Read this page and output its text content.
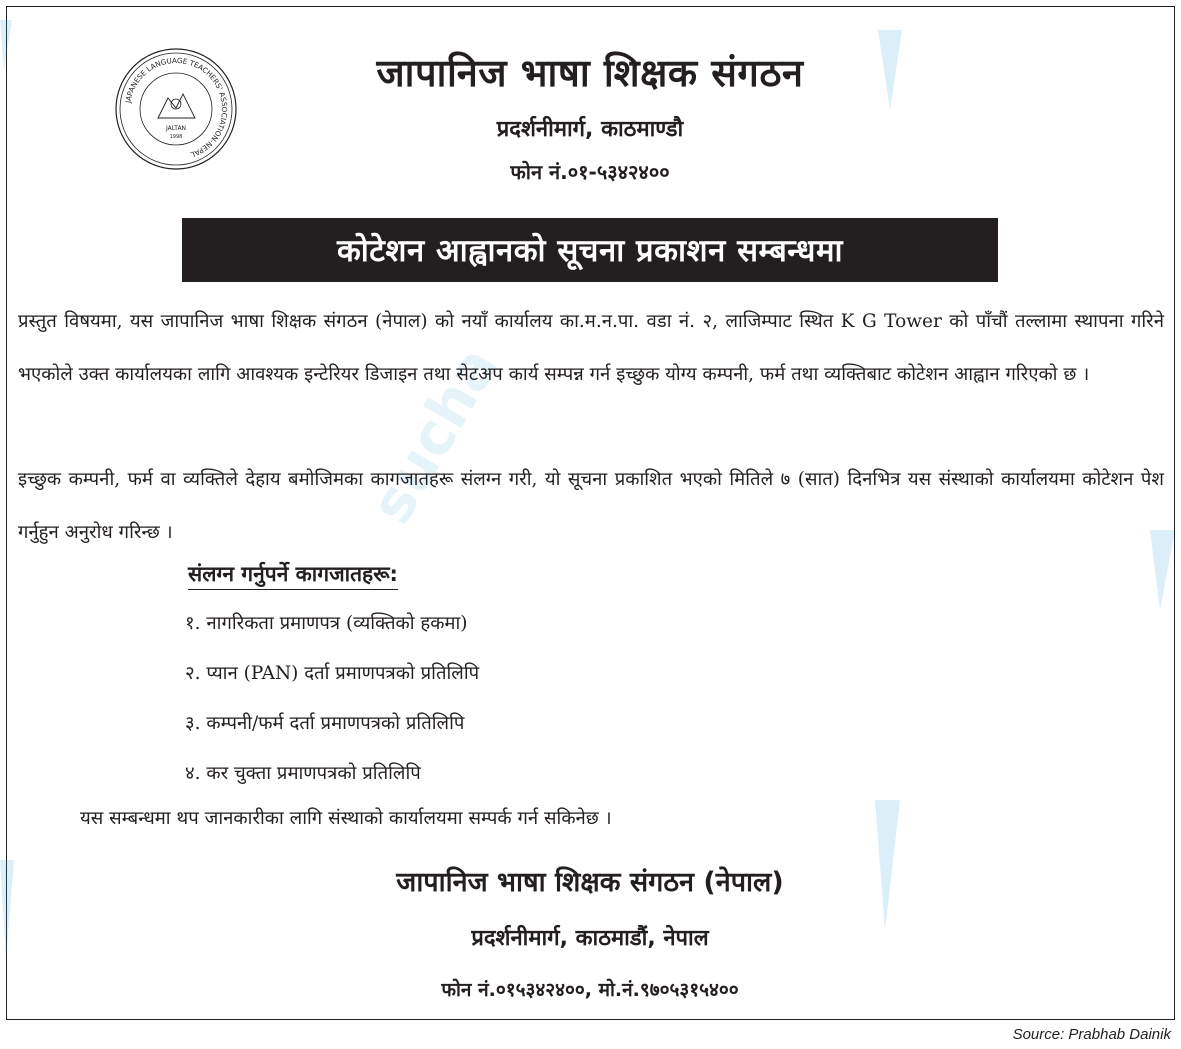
sucha
JAPANESE LANGUAGE TEACHERS' ASSOCIATION-NEPAL
JALTAN
1998
जापानिज भाषा शिक्षक संगठन
प्रदर्शनीमार्ग, काठमाण्डौ
फोन नं.०१-५३४२४००
कोटेशन आह्वानको सूचना प्रकाशन सम्बन्धमा

प्रस्तुत विषयमा, यस जापानिज भाषा शिक्षक संगठन (नेपाल) को नयाँ कार्यालय का.म.न.पा. वडा नं. २, लाजिम्पाट स्थित K G Tower को पाँचौं तल्लामा स्थापना गरिने भएकोले उक्त कार्यालयका लागि आवश्यक इन्टेरियर डिजाइन तथा सेटअप कार्य सम्पन्न गर्न इच्छुक योग्य कम्पनी, फर्म तथा व्यक्तिबाट कोटेशन आह्वान गरिएको छ ।

इच्छुक कम्पनी, फर्म वा व्यक्तिले देहाय बमोजिमका कागजातहरू संलग्न गरी, यो सूचना प्रकाशित भएको मितिले ७ (सात) दिनभित्र यस संस्थाको कार्यालयमा कोटेशन पेश गर्नुहुन अनुरोध गरिन्छ ।

संलग्न गर्नुपर्ने कागजातहरू:
१. नागरिकता प्रमाणपत्र (व्यक्तिको हकमा)
२. प्यान (PAN) दर्ता प्रमाणपत्रको प्रतिलिपि
३. कम्पनी/फर्म दर्ता प्रमाणपत्रको प्रतिलिपि
४. कर चुक्ता प्रमाणपत्रको प्रतिलिपि
यस सम्बन्धमा थप जानकारीका लागि संस्थाको कार्यालयमा सम्पर्क गर्न सकिनेछ ।
जापानिज भाषा शिक्षक संगठन (नेपाल)
प्रदर्शनीमार्ग, काठमाडौं, नेपाल
फोन नं.०१५३४२४००, मो.नं.९७०५३१५४००
Source: Prabhab Dainik
